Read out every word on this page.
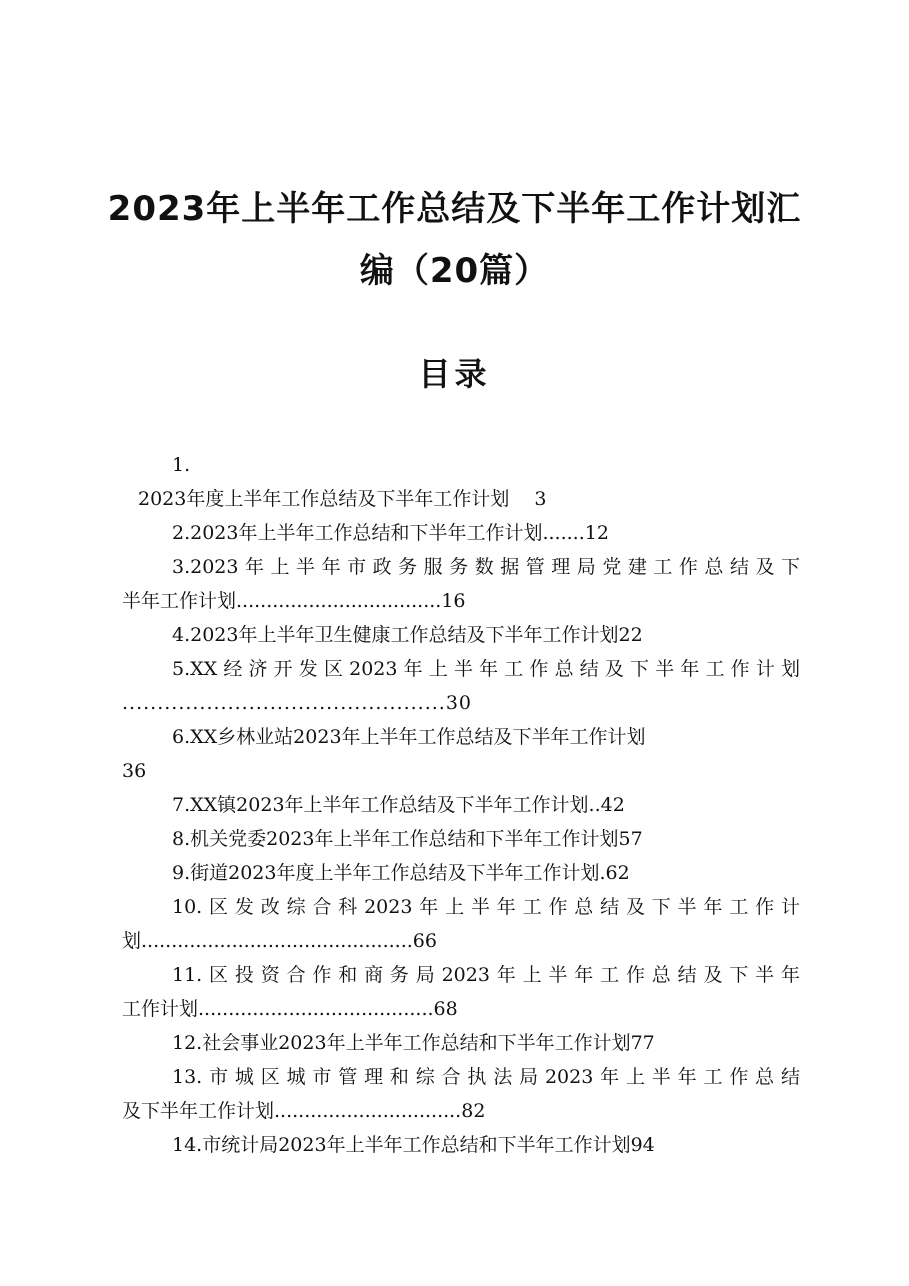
2023年上半年工作总结及下半年工作计划汇
编（20篇）
目录
1.
2023年度上半年工作总结及下半年工作计划　 3
2.2023年上半年工作总结和下半年工作计划.......12
3.2023年上半年市政务服务数据管理局党建工作总结及下
半年工作计划..................................16
4.2023年上半年卫生健康工作总结及下半年工作计划22
5.XX经济开发区2023年上半年工作总结及下半年工作计划
..............................................30
6.XX乡林业站2023年上半年工作总结及下半年工作计划
36
7.XX镇2023年上半年工作总结及下半年工作计划..42
8.机关党委2023年上半年工作总结和下半年工作计划57
9.街道2023年度上半年工作总结及下半年工作计划.62
10.区发改综合科2023年上半年工作总结及下半年工作计
划.............................................66
11.区投资合作和商务局2023年上半年工作总结及下半年
工作计划.......................................68
12.社会事业2023年上半年工作总结和下半年工作计划77
13.市城区城市管理和综合执法局2023年上半年工作总结
及下半年工作计划...............................82
14.市统计局2023年上半年工作总结和下半年工作计划94
